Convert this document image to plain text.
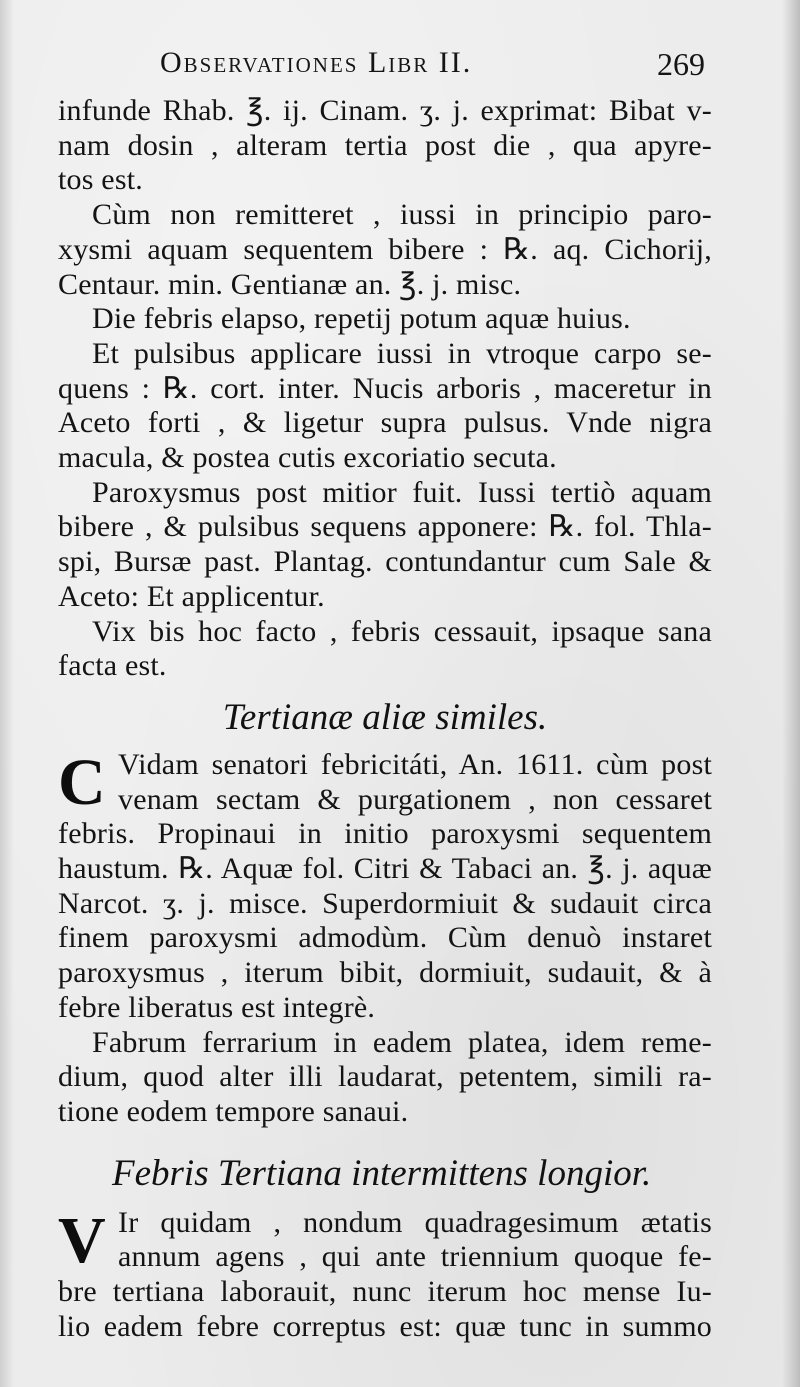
Observationes Libr II.	269
infunde Rhab. ℥. ij. Cinam. ʒ. j. exprimat: Bibat v-
nam dosin , alteram tertia post die , qua apyre-
tos est.
Cùm non remitteret , iussi in principio paro-
xysmi aquam sequentem bibere : ℞. aq. Cichorij,
Centaur. min. Gentianæ an. ℥. j. misc.
Die febris elapso, repetij potum aquæ huius.
Et pulsibus applicare iussi in vtroque carpo se-
quens : ℞. cort. inter. Nucis arboris , maceretur in
Aceto forti , & ligetur supra pulsus. Vnde nigra
macula, & postea cutis excoriatio secuta.
Paroxysmus post mitior fuit. Iussi tertiò aquam
bibere , & pulsibus sequens apponere: ℞. fol. Thla-
spi, Bursæ past. Plantag. contundantur cum Sale &
Aceto: Et applicentur.
Vix bis hoc facto , febris cessauit, ipsaque sana
facta est.
Tertianæ aliæ similes.
C Vidam senatori febricitáti, An. 1611. cùm post
venam sectam & purgationem , non cessaret
febris. Propinaui in initio paroxysmi sequentem
haustum. ℞. Aquæ fol. Citri & Tabaci an. ℥. j. aquæ
Narcot. ʒ. j. misce. Superdormiuit & sudauit circa
finem paroxysmi admodùm. Cùm denuò instaret
paroxysmus , iterum bibit, dormiuit, sudauit, & à
febre liberatus est integrè.
Fabrum ferrarium in eadem platea, idem reme-
dium, quod alter illi laudarat, petentem, simili ra-
tione eodem tempore sanaui.
Febris Tertiana intermittens longior.
V Ir quidam , nondum quadragesimum ætatis
annum agens , qui ante triennium quoque fe-
bre tertiana laborauit, nunc iterum hoc mense Iu-
lio eadem febre correptus est: quæ tunc in summo
